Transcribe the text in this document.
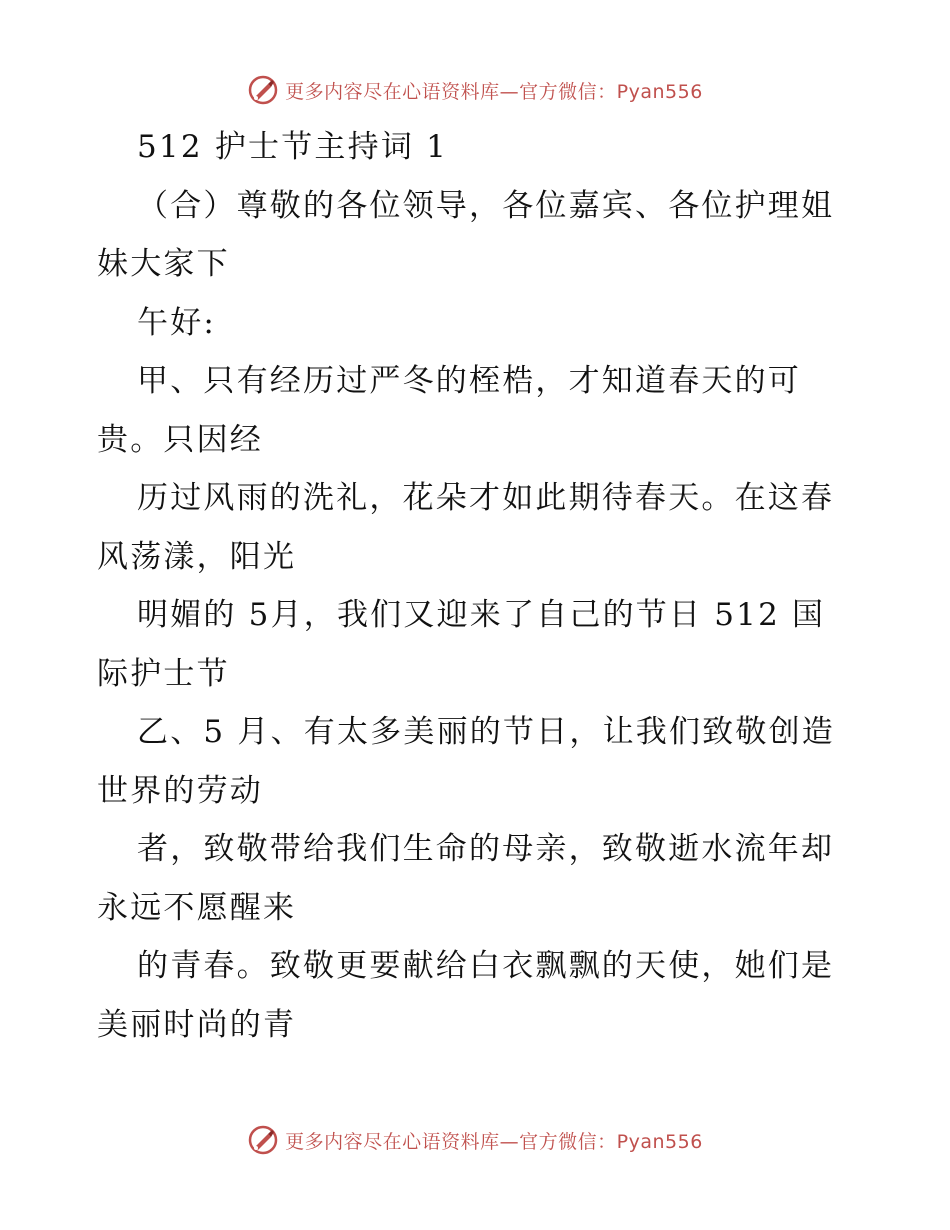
更多内容尽在心语资料库—官方微信：Pyan556
512 护士节主持词 1
（合）尊敬的各位领导，各位嘉宾、各位护理姐
妹大家下
午好:
甲、只有经历过严冬的桎梏，才知道春天的可
贵。只因经
历过风雨的洗礼，花朵才如此期待春天。在这春
风荡漾，阳光
明媚的 5月，我们又迎来了自己的节日 512 国
际护士节
乙、5 月、有太多美丽的节日，让我们致敬创造
世界的劳动
者，致敬带给我们生命的母亲，致敬逝水流年却
永远不愿醒来
的青春。致敬更要献给白衣飘飘的天使，她们是
美丽时尚的青
更多内容尽在心语资料库—官方微信：Pyan556
